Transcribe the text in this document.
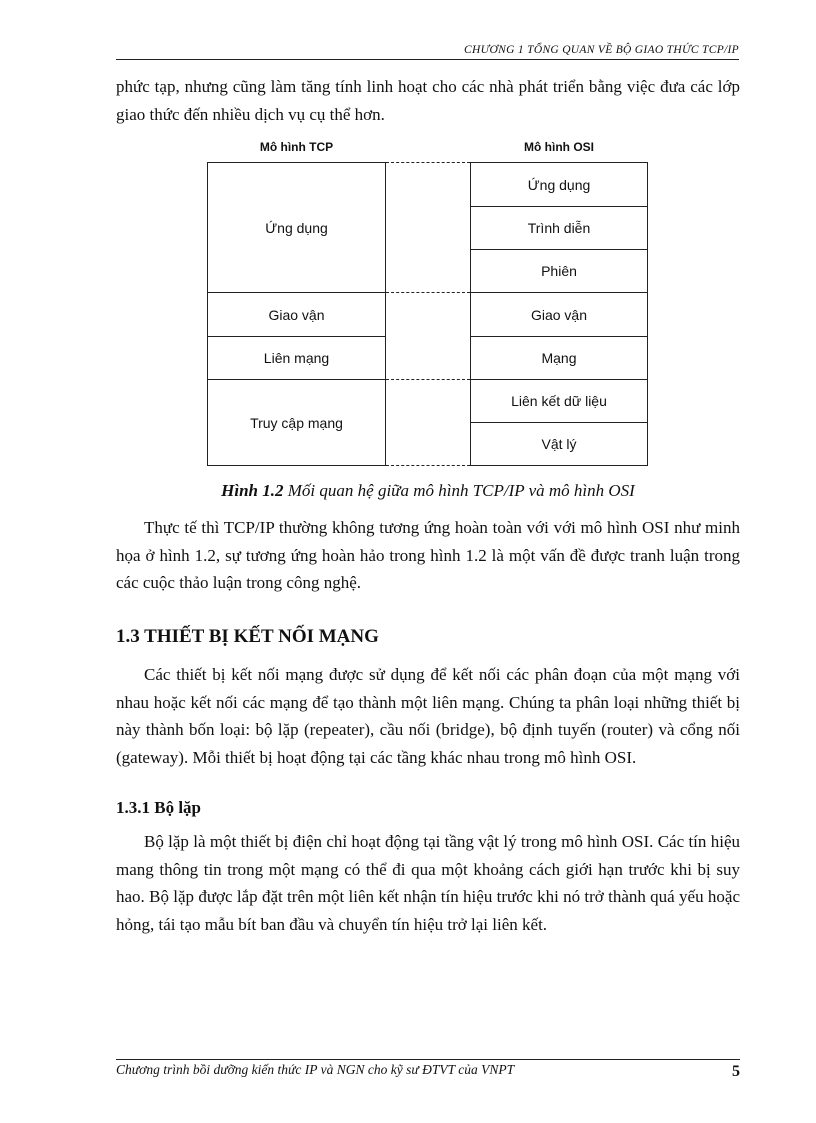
CHƯƠNG 1 TỔNG QUAN VỀ BỘ GIAO THỨC TCP/IP

phức tạp, nhưng cũng làm tăng tính linh hoạt cho các nhà phát triển bằng việc đưa các lớp giao thức đến nhiều dịch vụ cụ thể hơn.

Mô hình TCP	Mô hình OSI
Ứng dụng
Giao vận
Liên mạng
Truy cập mạng
Ứng dụng
Trình diễn
Phiên
Giao vận
Mạng
Liên kết dữ liệu
Vật lý
Hình 1.2 Mối quan hệ giữa mô hình TCP/IP và mô hình OSI

Thực tế thì TCP/IP thường không tương ứng hoàn toàn với với mô hình OSI như minh họa ở hình 1.2, sự tương ứng hoàn hảo trong hình 1.2 là một vấn đề được tranh luận trong các cuộc thảo luận trong công nghệ.

1.3 THIẾT BỊ KẾT NỐI MẠNG

Các thiết bị kết nối mạng được sử dụng để kết nối các phân đoạn của một mạng với nhau hoặc kết nối các mạng để tạo thành một liên mạng. Chúng ta phân loại những thiết bị này thành bốn loại: bộ lặp (repeater), cầu nối (bridge), bộ định tuyến (router) và cổng nối (gateway). Mỗi thiết bị hoạt động tại các tầng khác nhau trong mô hình OSI.

1.3.1 Bộ lặp

Bộ lặp là một thiết bị điện chỉ hoạt động tại tầng vật lý trong mô hình OSI. Các tín hiệu mang thông tin trong một mạng có thể đi qua một khoảng cách giới hạn trước khi bị suy hao. Bộ lặp được lắp đặt trên một liên kết nhận tín hiệu trước khi nó trở thành quá yếu hoặc hỏng, tái tạo mẫu bít ban đầu và chuyển tín hiệu trở lại liên kết.

Chương trình bồi dưỡng kiến thức IP và NGN cho kỹ sư ĐTVT của VNPT	5
